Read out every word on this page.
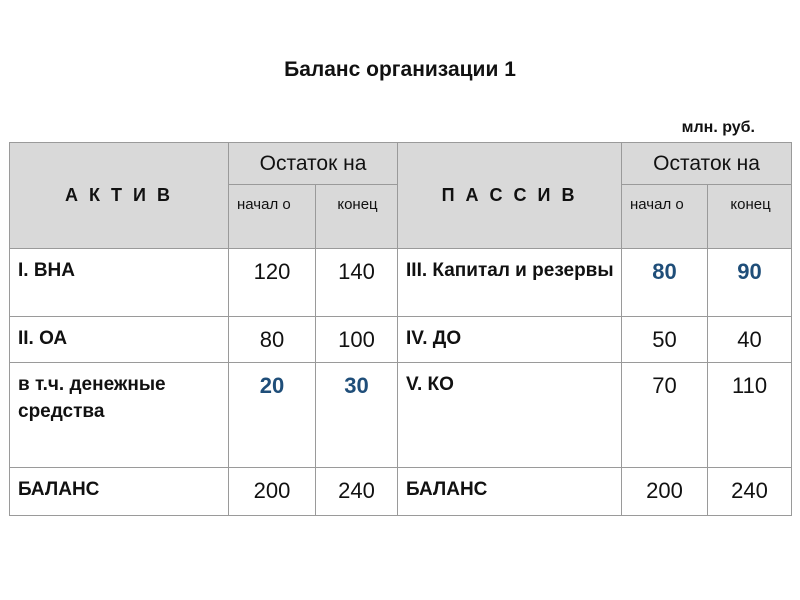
Баланс организации 1
млн. руб.
А К Т И В	Остаток на		П А С С И В	Остаток на	
	начал о	конец		начал о	конец
I. ВНА	120	140	III. Капитал и резервы	80	90
II. ОА	80	100	IV. ДО	50	40
в т.ч. денежные средства	20	30	V. КО	70	110
БАЛАНС	200	240	БАЛАНС	200	240
